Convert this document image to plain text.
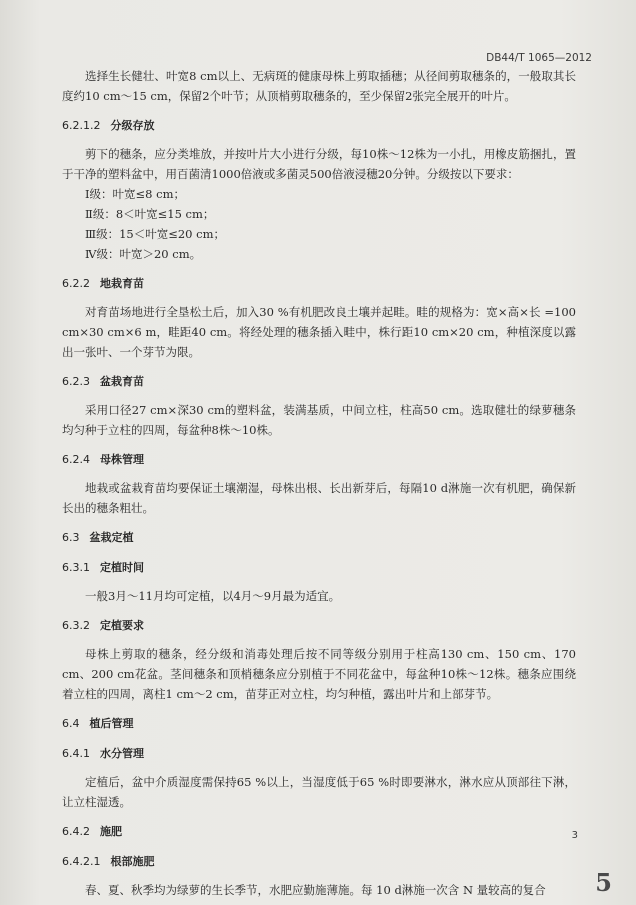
DB44/T 1065—2012

选择生长健壮、叶宽8 cm以上、无病斑的健康母株上剪取插穗；从径间剪取穗条的，一般取其长度约10 cm～15 cm，保留2个叶节；从顶梢剪取穗条的，至少保留2张完全展开的叶片。

6.2.1.2 分级存放

剪下的穗条，应分类堆放，并按叶片大小进行分级，每10株～12株为一小扎，用橡皮筋捆扎，置于干净的塑料盆中，用百菌清1000倍液或多菌灵500倍液浸穗20分钟。分级按以下要求：

Ⅰ级：叶宽≤8 cm；

Ⅱ级：8＜叶宽≤15 cm；

Ⅲ级：15＜叶宽≤20 cm；

Ⅳ级：叶宽＞20 cm。

6.2.2 地栽育苗

对育苗场地进行全垦松土后，加入30 %有机肥改良土壤并起畦。畦的规格为：宽×高×长 =100 cm×30 cm×6 m，畦距40 cm。将经处理的穗条插入畦中，株行距10 cm×20 cm，种植深度以露出一张叶、一个芽节为限。

6.2.3 盆栽育苗

采用口径27 cm×深30 cm的塑料盆，装满基质，中间立柱，柱高50 cm。选取健壮的绿萝穗条均匀种于立柱的四周，每盆种8株～10株。

6.2.4 母株管理

地栽或盆栽育苗均要保证土壤潮湿，母株出根、长出新芽后，每隔10 d淋施一次有机肥，确保新长出的穗条粗壮。

6.3 盆栽定植
6.3.1 定植时间

一般3月～11月均可定植，以4月～9月最为适宜。

6.3.2 定植要求

母株上剪取的穗条，经分级和消毒处理后按不同等级分别用于柱高130 cm、150 cm、170 cm、200 cm花盆。茎间穗条和顶梢穗条应分别植于不同花盆中，每盆种10株～12株。穗条应围绕着立柱的四周，离柱1 cm～2 cm，苗芽正对立柱，均匀种植，露出叶片和上部芽节。

6.4 植后管理
6.4.1 水分管理

定植后，盆中介质湿度需保持65 %以上，当湿度低于65 %时即要淋水，淋水应从顶部往下淋，让立柱湿透。

6.4.2 施肥
6.4.2.1 根部施肥

春、夏、秋季均为绿萝的生长季节，水肥应勤施薄施。每 10 d淋施一次含 N 量较高的复合

3
5
